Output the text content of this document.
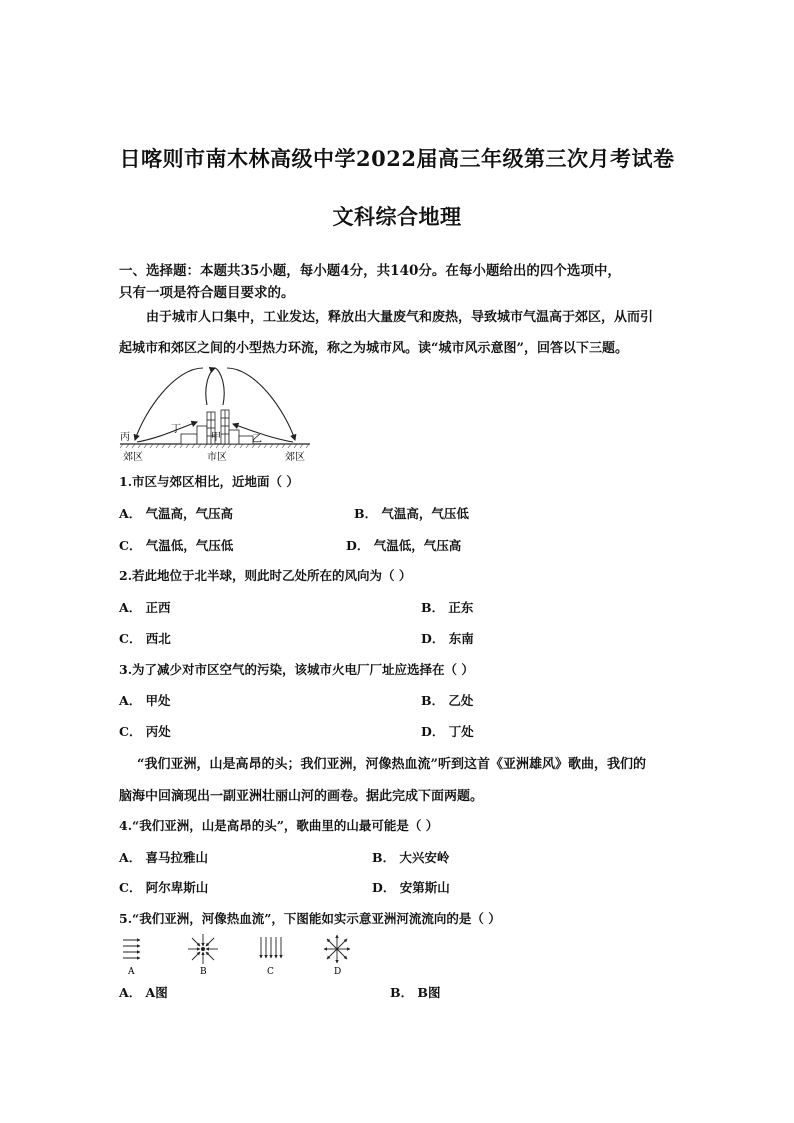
日喀则市南木林高级中学2022届高三年级第三次月考试卷
文科综合地理
一、选择题：本题共35小题，每小题4分，共140分。在每小题给出的四个选项中，
只有一项是符合题目要求的。
由于城市人口集中，工业发达，释放出大量废气和废热，导致城市气温高于郊区，从而引
起城市和郊区之间的小型热力环流，称之为城市风。读“城市风示意图”，回答以下三题。
丙
丁
甲	乙
郊区	市区	郊区
1.市区与郊区相比，近地面（ ）
A． 气温高，气压高	B． 气温高，气压低
C． 气温低，气压低	D． 气温低，气压高
2.若此地位于北半球，则此时乙处所在的风向为（ ）
A． 正西	B． 正东
C． 西北	D． 东南
3.为了减少对市区空气的污染，该城市火电厂厂址应选择在（ ）
A． 甲处	B． 乙处
C． 丙处	D． 丁处
“我们亚洲，山是高昂的头；我们亚洲，河像热血流”听到这首《亚洲雄风》歌曲，我们的
脑海中回滴现出一副亚洲壮丽山河的画卷。据此完成下面两题。
4.“我们亚洲，山是高昂的头”，歌曲里的山最可能是（ ）
A． 喜马拉雅山	B． 大兴安岭
C． 阿尔卑斯山	D． 安第斯山
5.“我们亚洲，河像热血流”，下图能如实示意亚洲河流流向的是（ ）
A	B	C	D
A． A图	B． B图
